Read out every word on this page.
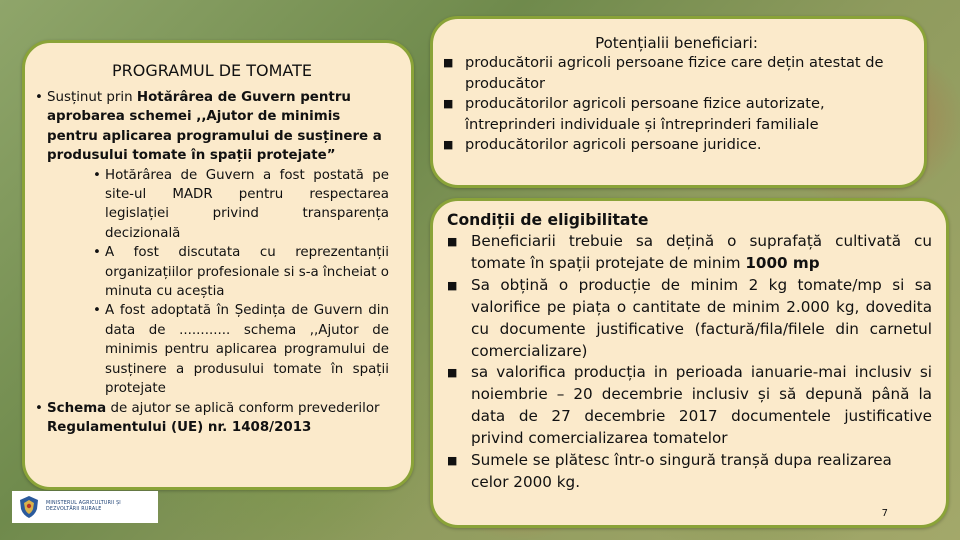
PROGRAMUL DE TOMATE
• Susținut prin Hotărârea de Guvern pentru aprobarea schemei ,,Ajutor de minimis pentru aplicarea programului de susținere a produsului tomate în spații protejate”
• Hotărârea de Guvern a fost postată pe site-ul MADR pentru respectarea legislației privind transparența decizională
• A fost discutata cu reprezentanții organizațiilor profesionale si s-a încheiat o minuta cu aceștia
• A fost adoptată în Ședința de Guvern din data de ............ schema ,,Ajutor de minimis pentru aplicarea programului de susținere a produsului tomate în spații protejate
• Schema de ajutor se aplică conform prevederilor Regulamentului (UE) nr. 1408/2013
MINISTERUL AGRICULTURII ȘI
DEZVOLTĂRII RURALE
Potențialii beneficiari:
■ producătorii agricoli persoane fizice care dețin atestat de producător
■ producătorilor agricoli persoane fizice autorizate, întreprinderi individuale și întreprinderi familiale
■ producătorilor agricoli persoane juridice.
Condiții de eligibilitate
■ Beneficiarii trebuie sa dețină o suprafață cultivată cu tomate în spații protejate de minim 1000 mp
■ Sa obțină o producție de minim 2 kg tomate/mp si sa valorifice pe piața o cantitate de minim 2.000 kg, dovedita cu documente justificative (factură/fila/filele din carnetul comercializare)
■ sa valorifica producția in perioada ianuarie-mai inclusiv si noiembrie – 20 decembrie inclusiv și să depună până la data de 27 decembrie 2017 documentele justificative privind comercializarea tomatelor
■ Sumele se plătesc într-o singură tranșă dupa realizarea celor 2000 kg.
7
